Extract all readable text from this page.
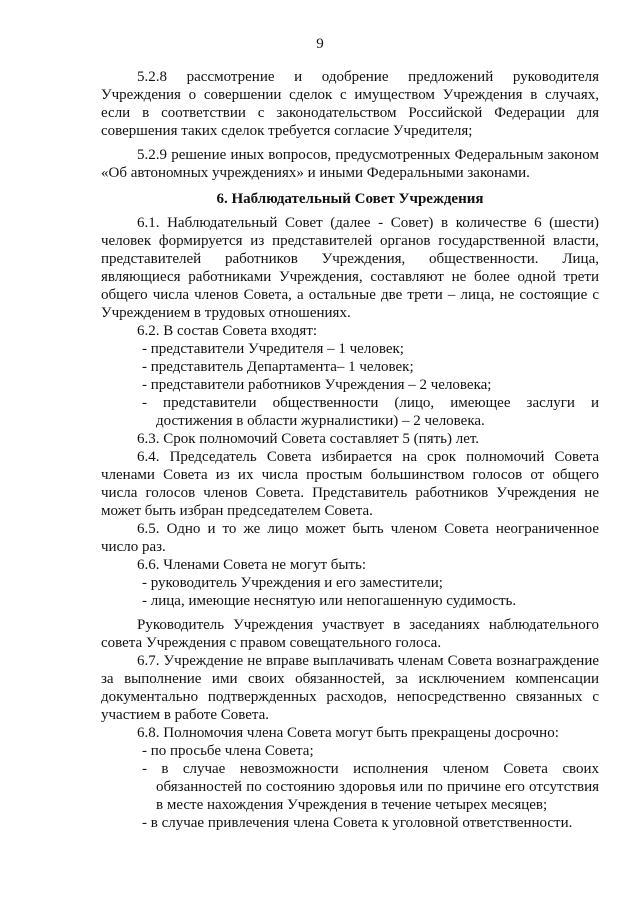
9

5.2.8 рассмотрение и одобрение предложений руководителя Учреждения о совершении сделок с имуществом Учреждения в случаях, если в соответствии с законодательством Российской Федерации для совершения таких сделок требуется согласие Учредителя;

5.2.9 решение иных вопросов, предусмотренных Федеральным законом «Об автономных учреждениях» и иными Федеральными законами.

6. Наблюдательный Совет Учреждения

6.1. Наблюдательный Совет (далее - Совет) в количестве 6 (шести) человек формируется из представителей органов государственной власти, представителей работников Учреждения, общественности. Лица, являющиеся работниками Учреждения, составляют не более одной трети общего числа членов Совета, а остальные две трети – лица, не состоящие с Учреждением в трудовых отношениях.

6.2. В состав Совета входят:

- представители Учредителя – 1 человек;
- представитель Департамента– 1 человек;
- представители работников Учреждения – 2 человека;
- представители общественности (лицо, имеющее заслуги и достижения в области журналистики) – 2 человека.

6.3. Срок полномочий Совета составляет 5 (пять) лет.

6.4. Председатель Совета избирается на срок полномочий Совета членами Совета из их числа простым большинством голосов от общего числа голосов членов Совета. Представитель работников Учреждения не может быть избран председателем Совета.

6.5. Одно и то же лицо может быть членом Совета неограниченное число раз.

6.6. Членами Совета не могут быть:

- руководитель Учреждения и его заместители;
- лица, имеющие неснятую или непогашенную судимость.

Руководитель Учреждения участвует в заседаниях наблюдательного совета Учреждения с правом совещательного голоса.

6.7. Учреждение не вправе выплачивать членам Совета вознаграждение за выполнение ими своих обязанностей, за исключением компенсации документально подтвержденных расходов, непосредственно связанных с участием в работе Совета.

6.8. Полномочия члена Совета могут быть прекращены досрочно:

- по просьбе члена Совета;
- в случае невозможности исполнения членом Совета своих обязанностей по состоянию здоровья или по причине его отсутствия в месте нахождения Учреждения в течение четырех месяцев;
- в случае привлечения члена Совета к уголовной ответственности.
